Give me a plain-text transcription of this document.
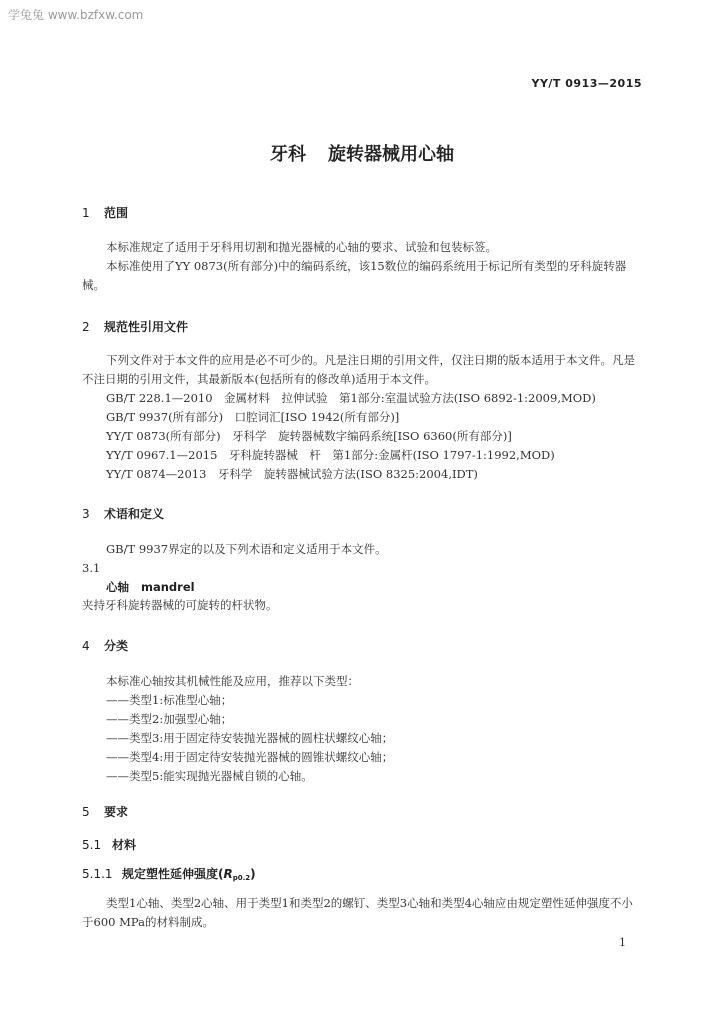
学兔兔 www.bzfxw.com
YY/T 0913—2015
牙科 旋转器械用心轴
1 范围
本标准规定了适用于牙科用切割和抛光器械的心轴的要求、试验和包装标签。
本标准使用了YY 0873(所有部分)中的编码系统，该15数位的编码系统用于标记所有类型的牙科旋转器械。
2 规范性引用文件
下列文件对于本文件的应用是必不可少的。凡是注日期的引用文件，仅注日期的版本适用于本文件。凡是不注日期的引用文件，其最新版本(包括所有的修改单)适用于本文件。
GB/T 228.1—2010　金属材料　拉伸试验　第1部分:室温试验方法(ISO 6892-1:2009,MOD)
GB/T 9937(所有部分)　口腔词汇[ISO 1942(所有部分)]
YY/T 0873(所有部分)　牙科学　旋转器械数字编码系统[ISO 6360(所有部分)]
YY/T 0967.1—2015　牙科旋转器械　杆　第1部分:金属杆(ISO 1797-1:1992,MOD)
YY/T 0874—2013　牙科学　旋转器械试验方法(ISO 8325:2004,IDT)
3 术语和定义
GB/T 9937界定的以及下列术语和定义适用于本文件。
3.1
心轴 mandrel
夹持牙科旋转器械的可旋转的杆状物。
4 分类
本标准心轴按其机械性能及应用，推荐以下类型：
——类型1:标准型心轴；
——类型2:加强型心轴；
——类型3:用于固定待安装抛光器械的圆柱状螺纹心轴；
——类型4:用于固定待安装抛光器械的圆锥状螺纹心轴；
——类型5:能实现抛光器械自锁的心轴。
5 要求
5.1 材料
5.1.1 规定塑性延伸强度$(R_{p0.2})$
类型1心轴、类型2心轴、用于类型1和类型2的螺钉、类型3心轴和类型4心轴应由规定塑性延伸强度不小于600 MPa的材料制成。
1
